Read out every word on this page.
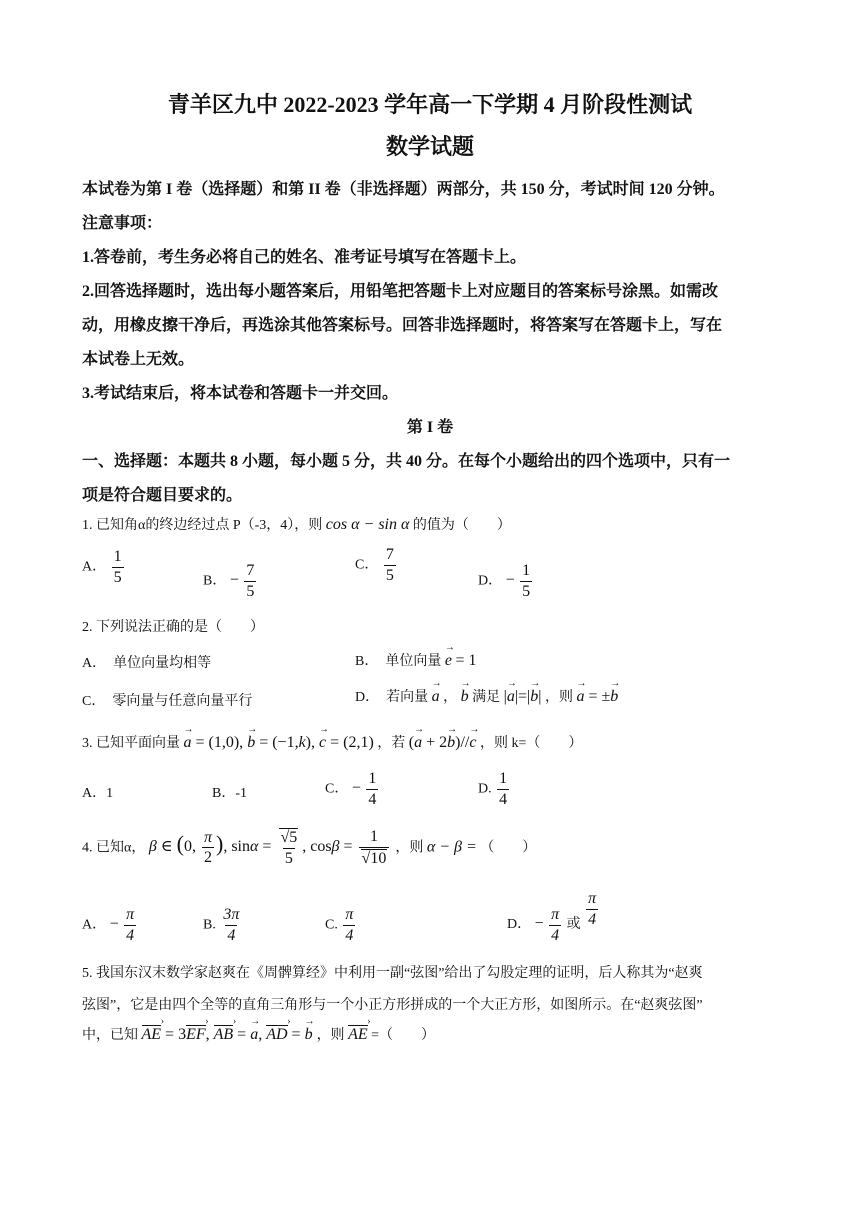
青羊区九中 2022-2023 学年高一下学期 4 月阶段性测试
数学试题
本试卷为第 I 卷（选择题）和第 II 卷（非选择题）两部分，共 150 分，考试时间 120 分钟。
注意事项：
1.答卷前，考生务必将自己的姓名、准考证号填写在答题卡上。
2.回答选择题时，选出每小题答案后，用铅笔把答题卡上对应题目的答案标号涂黑。如需改
动，用橡皮擦干净后，再选涂其他答案标号。回答非选择题时，将答案写在答题卡上，写在
本试卷上无效。
3.考试结束后，将本试卷和答题卡一并交回。
第 I 卷
一、选择题：本题共 8 小题，每小题 5 分，共 40 分。在每个小题给出的四个选项中，只有一
项是符合题目要求的。
1. 已知角α的终边经过点 P（-3，4），则 cos α − sin α 的值为（　　）
A． $\frac{1}{5}$	B． − $\frac{7}{5}$	C． $\frac{7}{5}$	D． − $\frac{1}{5}$
2. 下列说法正确的是（　　）
A．　单位向量均相等	B．　单位向量 → e = 1
C．　零向量与任意向量平行	D．　若向量 → a ， → b 满足 |→ a|=|→ b| ，则 → a = ±→ b
3. 已知平面向量 → a = (1,0), → b = (−1,k), → c = (2,1) ，若 (→ a + 2→ b)//→ c ，则 k=（　　）
A．1	B．-1	C． − $\frac{1}{4}$	D. $\frac{1}{4}$
4. 已知α， β ∈ (0, $\frac{\pi}{2}$ ), $\sin\alpha = \frac{√5}{5}$ , $\cos\beta = \frac{1}{√10}$ ，则 α − β = （　　）
A． − $\frac{\pi}{4}$	B. $\frac{3\pi}{4}$	C. $\frac{\pi}{4}$	D． − $\frac{\pi}{4}$ 或 $\frac{\pi}{4}$
5. 我国东汉末数学家赵爽在《周髀算经》中利用一副“弦图”给出了勾股定理的证明，后人称其为“赵爽
弦图”，它是由四个全等的直角三角形与一个小正方形拼成的一个大正方形，如图所示。在“赵爽弦图”
中，已知 AE › = 3EF ›, AB › = → a, AD › = → b ，则 AE › =（　　）
